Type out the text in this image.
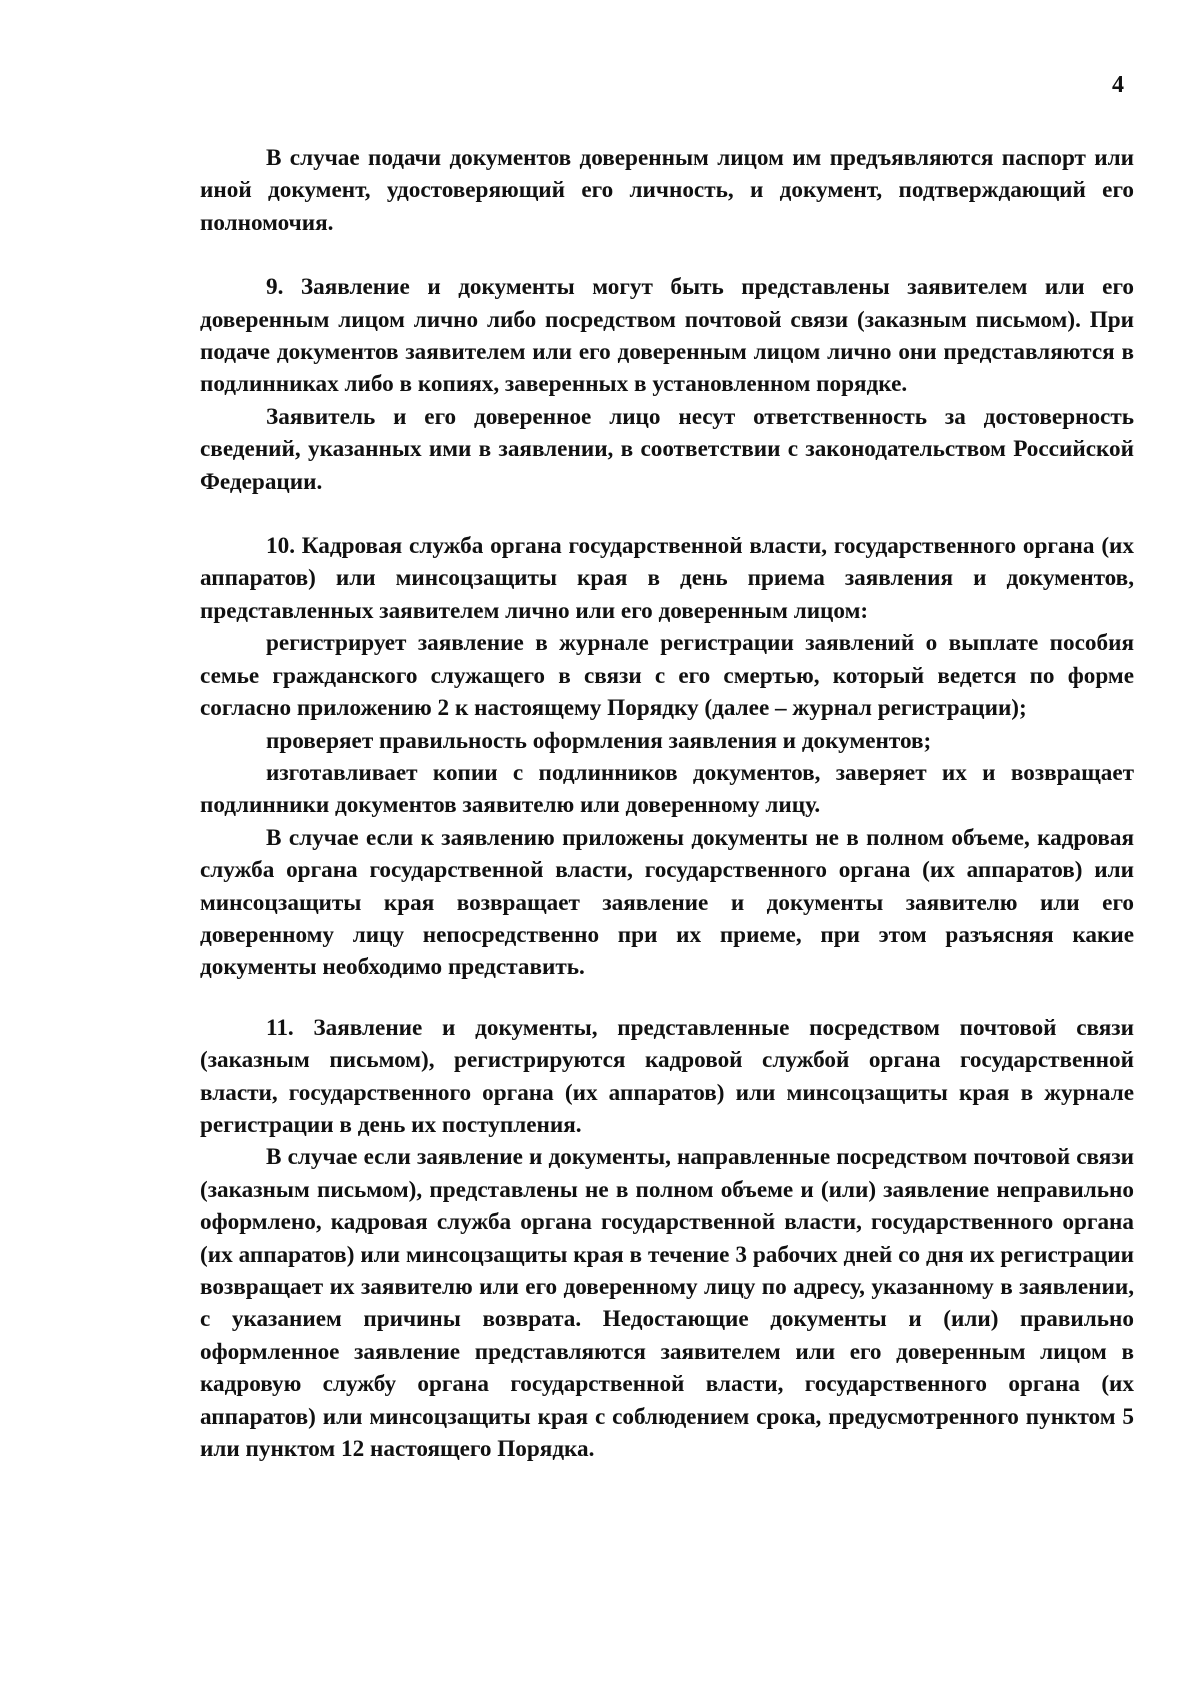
4

В случае подачи документов доверенным лицом им предъявляются паспорт или иной документ, удостоверяющий его личность, и документ, подтверждающий его полномочия.

9. Заявление и документы могут быть представлены заявителем или его доверенным лицом лично либо посредством почтовой связи (заказным письмом). При подаче документов заявителем или его доверенным лицом лично они представляются в подлинниках либо в копиях, заверенных в установленном порядке.

Заявитель и его доверенное лицо несут ответственность за достоверность сведений, указанных ими в заявлении, в соответствии с законодательством Российской Федерации.

10. Кадровая служба органа государственной власти, государственного органа (их аппаратов) или минсоцзащиты края в день приема заявления и документов, представленных заявителем лично или его доверенным лицом:

регистрирует заявление в журнале регистрации заявлений о выплате пособия семье гражданского служащего в связи с его смертью, который ведется по форме согласно приложению 2 к настоящему Порядку (далее – журнал регистрации);

проверяет правильность оформления заявления и документов;

изготавливает копии с подлинников документов, заверяет их и возвращает подлинники документов заявителю или доверенному лицу.

В случае если к заявлению приложены документы не в полном объеме, кадровая служба органа государственной власти, государственного органа (их аппаратов) или минсоцзащиты края возвращает заявление и документы заявителю или его доверенному лицу непосредственно при их приеме, при этом разъясняя какие документы необходимо представить.

11. Заявление и документы, представленные посредством почтовой связи (заказным письмом), регистрируются кадровой службой органа государственной власти, государственного органа (их аппаратов) или минсоцзащиты края в журнале регистрации в день их поступления.

В случае если заявление и документы, направленные посредством почтовой связи (заказным письмом), представлены не в полном объеме и (или) заявление неправильно оформлено, кадровая служба органа государственной власти, государственного органа (их аппаратов) или минсоцзащиты края в течение 3 рабочих дней со дня их регистрации возвращает их заявителю или его доверенному лицу по адресу, указанному в заявлении, с указанием причины возврата. Недостающие документы и (или) правильно оформленное заявление представляются заявителем или его доверенным лицом в кадровую службу органа государственной власти, государственного органа (их аппаратов) или минсоцзащиты края с соблюдением срока, предусмотренного пунктом 5 или пунктом 12 настоящего Порядка.
